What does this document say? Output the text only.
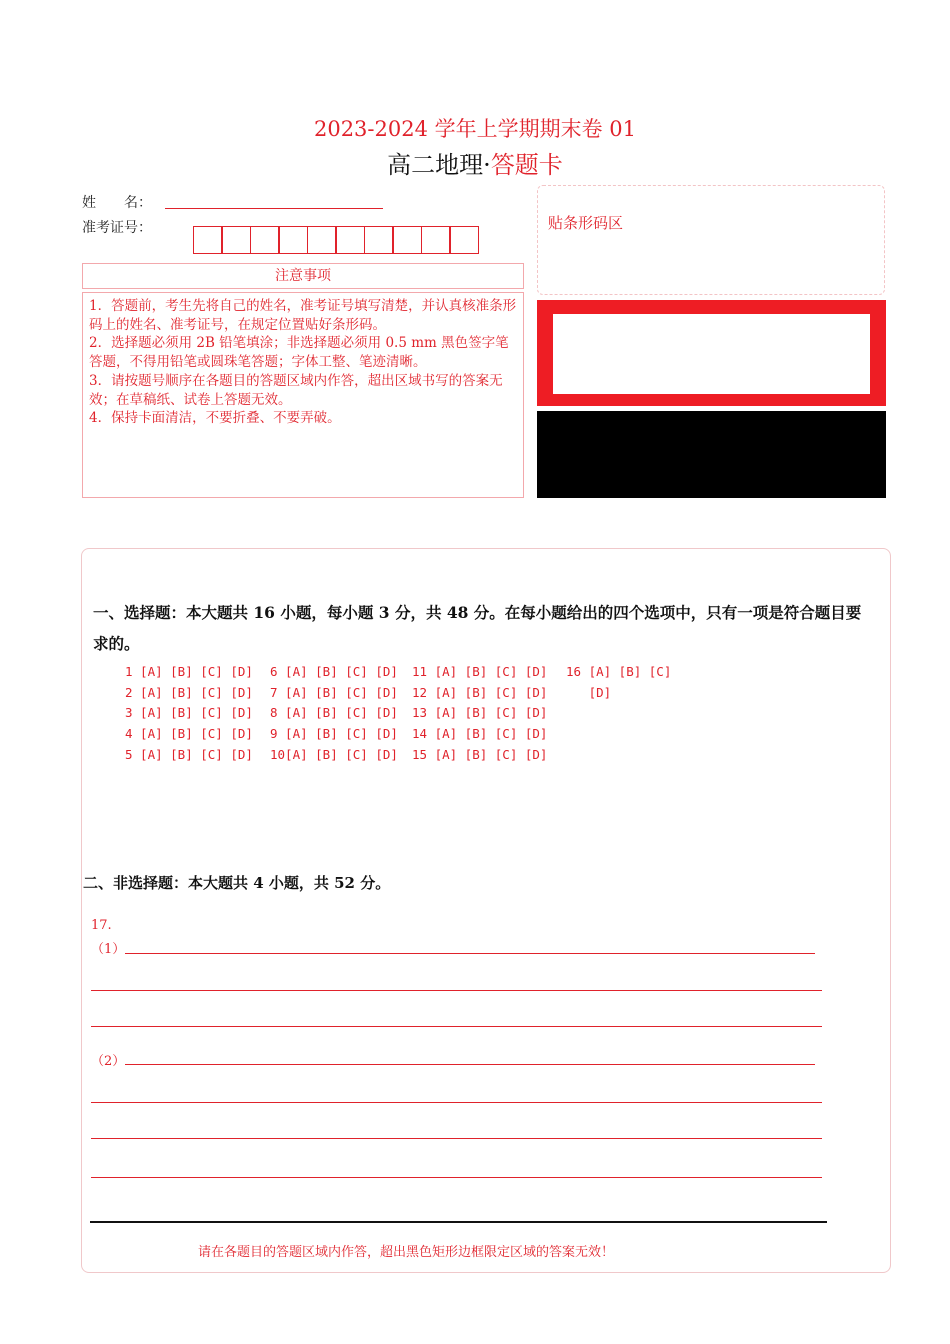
2023-2024 学年上学期期末卷 01
高二地理·答题卡
姓　　名：
准考证号：
注意事项
1．答题前，考生先将自己的姓名，准考证号填写清楚，并认真核准条形码上的姓名、准考证号，在规定位置贴好条形码。
2．选择题必须用 2B 铅笔填涂；非选择题必须用 0.5 mm 黑色签字笔答题，不得用铅笔或圆珠笔答题；字体工整、笔迹清晰。
3．请按题号顺序在各题目的答题区域内作答，超出区域书写的答案无效；在草稿纸、试卷上答题无效。
4．保持卡面清洁，不要折叠、不要弄破。
贴条形码区
一、选择题：本大题共 16 小题，每小题 3 分，共 48 分。在每小题给出的四个选项中，只有一项是符合题目要求的。
1 [A] [B] [C] [D]
2 [A] [B] [C] [D]
3 [A] [B] [C] [D]
4 [A] [B] [C] [D]
5 [A] [B] [C] [D]
6 [A] [B] [C] [D]
7 [A] [B] [C] [D]
8 [A] [B] [C] [D]
9 [A] [B] [C] [D]
10[A] [B] [C] [D]
11 [A] [B] [C] [D]
12 [A] [B] [C] [D]
13 [A] [B] [C] [D]
14 [A] [B] [C] [D]
15 [A] [B] [C] [D]
16 [A] [B] [C]
[D]
二、非选择题：本大题共 4 小题，共 52 分。
17.
（1）
（2）
请在各题目的答题区域内作答，超出黑色矩形边框限定区域的答案无效！
